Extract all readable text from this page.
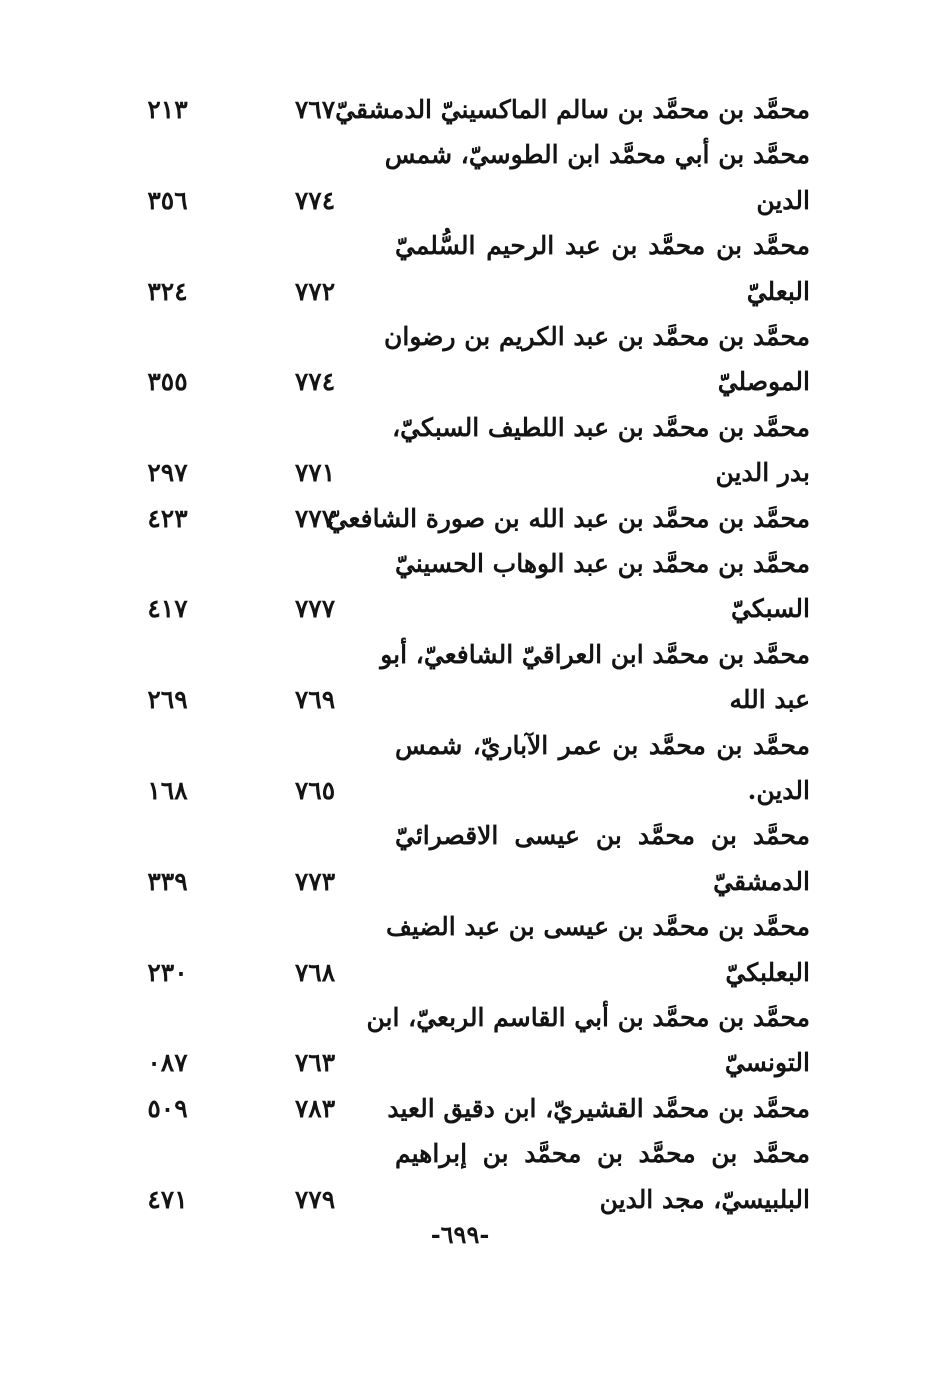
محمَّد بن محمَّد بن سالم الماكسينيّ الدمشقيّ
٧٦٧
٢١٣
محمَّد بن أبي محمَّد ابن الطوسيّ، شمس
الدين
٧٧٤
٣٥٦
محمَّد بن محمَّد بن عبد الرحيم السُّلميّ
البعليّ
٧٧٢
٣٢٤
محمَّد بن محمَّد بن عبد الكريم بن رضوان
الموصليّ
٧٧٤
٣٥٥
محمَّد بن محمَّد بن عبد اللطيف السبكيّ،
بدر الدين
٧٧١
٢٩٧
محمَّد بن محمَّد بن عبد الله بن صورة الشافعيّ
٧٧٧
٤٢٣
محمَّد بن محمَّد بن عبد الوهاب الحسينيّ
السبكيّ
٧٧٧
٤١٧
محمَّد بن محمَّد ابن العراقيّ الشافعيّ، أبو
عبد الله
٧٦٩
٢٦٩
محمَّد بن محمَّد بن عمر الآباريّ، شمس
الدين.
٧٦٥
١٦٨
محمَّد بن محمَّد بن عيسى الاقصرائيّ
الدمشقيّ
٧٧٣
٣٣٩
محمَّد بن محمَّد بن عيسى بن عبد الضيف
البعلبكيّ
٧٦٨
٢٣٠
محمَّد بن محمَّد بن أبي القاسم الربعيّ، ابن
التونسيّ
٧٦٣
٠٨٧
محمَّد بن محمَّد القشيريّ، ابن دقيق العيد
٧٨٣
٥٠٩
محمَّد بن محمَّد بن محمَّد بن إبراهيم
البلبيسيّ، مجد الدين
٧٧٩
٤٧١
-٦٩٩-
